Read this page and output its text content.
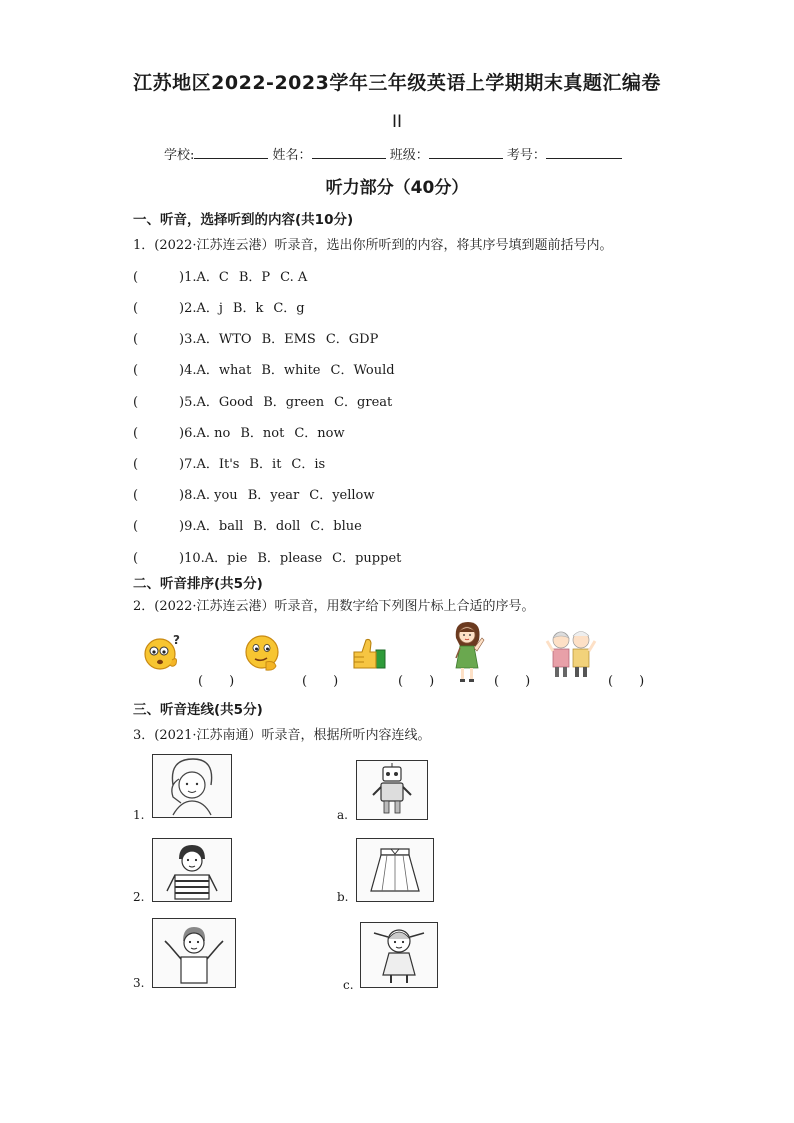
江苏地区2022-2023学年三年级英语上学期期末真题汇编卷
II
学校:	姓名：	班级：	考号：
听力部分（40分）
一、听音，选择听到的内容(共10分)
1．(2022·江苏连云港）听录音，选出你所听到的内容，将其序号填到题前括号内。
(	)1.A．C B．P C. A
(	)2.A．j B．k C．g
(	)3.A．WTO B．EMS C．GDP
(	)4.A．what B．white C．Would
(	)5.A．Good B．green C．great
(	)6.A. no B．not C．now
(	)7.A．It's B．it C．is
(	)8.A. you B．year C．yellow
(	)9.A．ball B．doll C．blue
(	)10.A．pie B．please C．puppet
二、听音排序(共5分)
2．(2022·江苏连云港）听录音，用数字给下列图片标上合适的序号。
?
(　　)	(　　)	(　　)	(　　)	(　　)
三、听音连线(共5分)
3．(2021·江苏南通）听录音，根据所听内容连线。
1.
2.
3.
a.
b.
c.
